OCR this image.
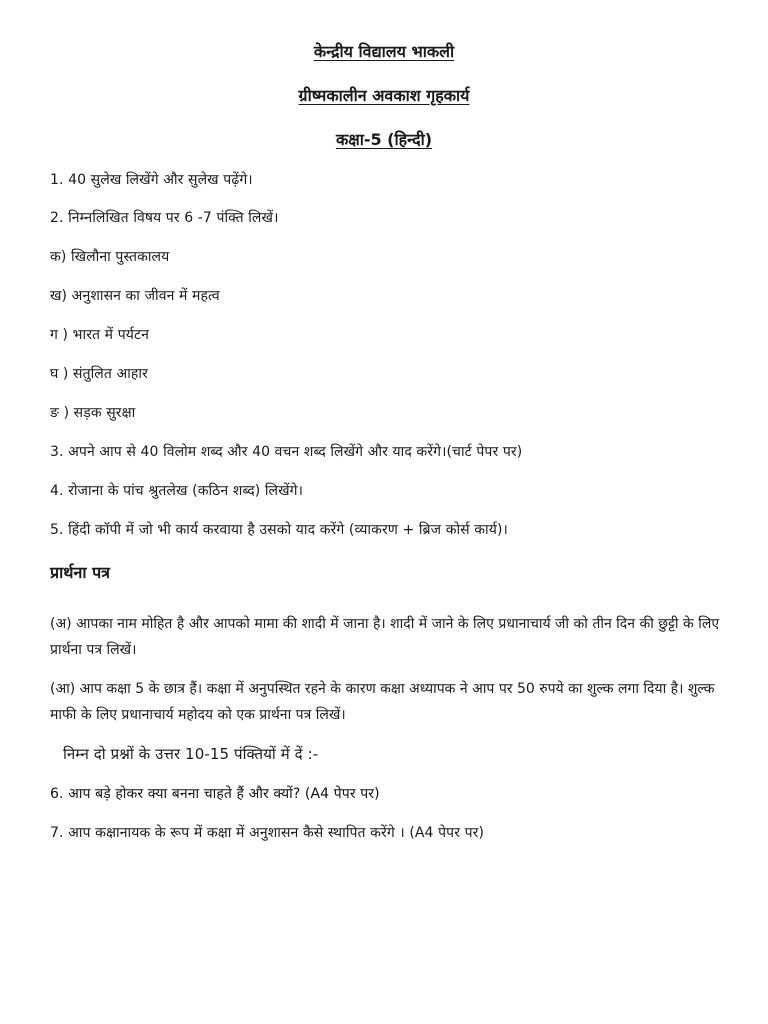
केन्द्रीय विद्यालय भाकली
ग्रीष्मकालीन अवकाश गृहकार्य
कक्षा-5 (हिन्दी)
1. 40 सुलेख लिखेंगे और सुलेख पढ़ेंगे।
2. निम्नलिखित विषय पर 6 -7 पंक्ति लिखें।
क) खिलौना पुस्तकालय
ख) अनुशासन का जीवन में महत्व
ग ) भारत में पर्यटन
घ ) संतुलित आहार
ङ ) सड़क सुरक्षा
3. अपने आप से 40 विलोम शब्द और 40 वचन शब्द लिखेंगे और याद करेंगे।(चार्ट पेपर पर)
4. रोजाना के पांच श्रुतलेख (कठिन शब्द) लिखेंगे।
5. हिंदी कॉपी में जो भी कार्य करवाया है उसको याद करेंगे (व्याकरण + ब्रिज कोर्स कार्य)।
प्रार्थना पत्र
(अ) आपका नाम मोहित है और आपको मामा की शादी में जाना है। शादी में जाने के लिए प्रधानाचार्य जी को तीन दिन की छुट्टी के लिए प्रार्थना पत्र लिखें।
(आ) आप कक्षा 5 के छात्र हैं। कक्षा में अनुपस्थित रहने के कारण कक्षा अध्यापक ने आप पर 50 रुपये का शुल्क लगा दिया है। शुल्क माफी के लिए प्रधानाचार्य महोदय को एक प्रार्थना पत्र लिखें।
निम्न दो प्रश्नों के उत्तर 10-15 पंक्तियों में दें :-
6. आप बड़े होकर क्या बनना चाहते हैं और क्यों? (A4 पेपर पर)
7. आप कक्षानायक के रूप में कक्षा में अनुशासन कैसे स्थापित करेंगे । (A4 पेपर पर)
